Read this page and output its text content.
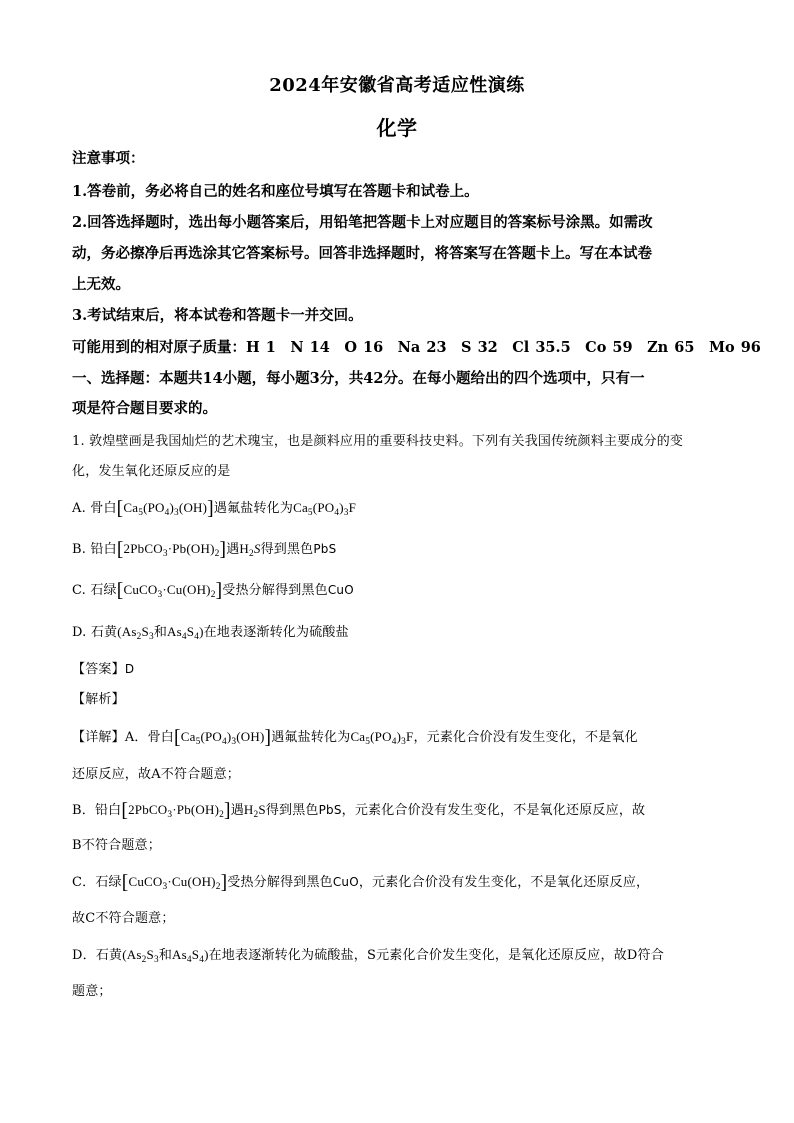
2024年安徽省高考适应性演练
化学
注意事项：
1.答卷前，务必将自己的姓名和座位号填写在答题卡和试卷上。
2.回答选择题时，选出每小题答案后，用铅笔把答题卡上对应题目的答案标号涂黑。如需改
动，务必擦净后再选涂其它答案标号。回答非选择题时，将答案写在答题卡上。写在本试卷
上无效。
3.考试结束后，将本试卷和答题卡一并交回。
可能用到的相对原子质量：H 1　N 14　O 16　Na 23　S 32　Cl 35.5　Co 59　Zn 65　Mo 96
一、选择题：本题共14小题，每小题3分，共42分。在每小题给出的四个选项中，只有一
项是符合题目要求的。
1. 敦煌壁画是我国灿烂的艺术瑰宝，也是颜料应用的重要科技史料。下列有关我国传统颜料主要成分的变
化，发生氧化还原反应的是
A. 骨白$[Ca_5(PO_4)_3(OH)]$遇氟盐转化为$Ca_5(PO_4)_3F$
B. 铅白$[2PbCO_3\cdot Pb(OH)_2]$遇$H_2S$得到黑色PbS
C. 石绿$[CuCO_3\cdot Cu(OH)_2]$受热分解得到黑色CuO
D. 石黄($As_2S_3$和$As_4S_4$)在地表逐渐转化为硫酸盐
【答案】D
【解析】
【详解】A．骨白$[Ca_5(PO_4)_3(OH)]$遇氟盐转化为$Ca_5(PO_4)_3F$，元素化合价没有发生变化，不是氧化
还原反应，故A不符合题意；
B．铅白$[2PbCO_3\cdot Pb(OH)_2]$遇$H_2S$得到黑色PbS，元素化合价没有发生变化，不是氧化还原反应，故
B不符合题意；
C．石绿$[CuCO_3\cdot Cu(OH)_2]$受热分解得到黑色CuO，元素化合价没有发生变化，不是氧化还原反应，
故C不符合题意；
D．石黄($As_2S_3$和$As_4S_4$)在地表逐渐转化为硫酸盐，S元素化合价发生变化，是氧化还原反应，故D符合
题意；
